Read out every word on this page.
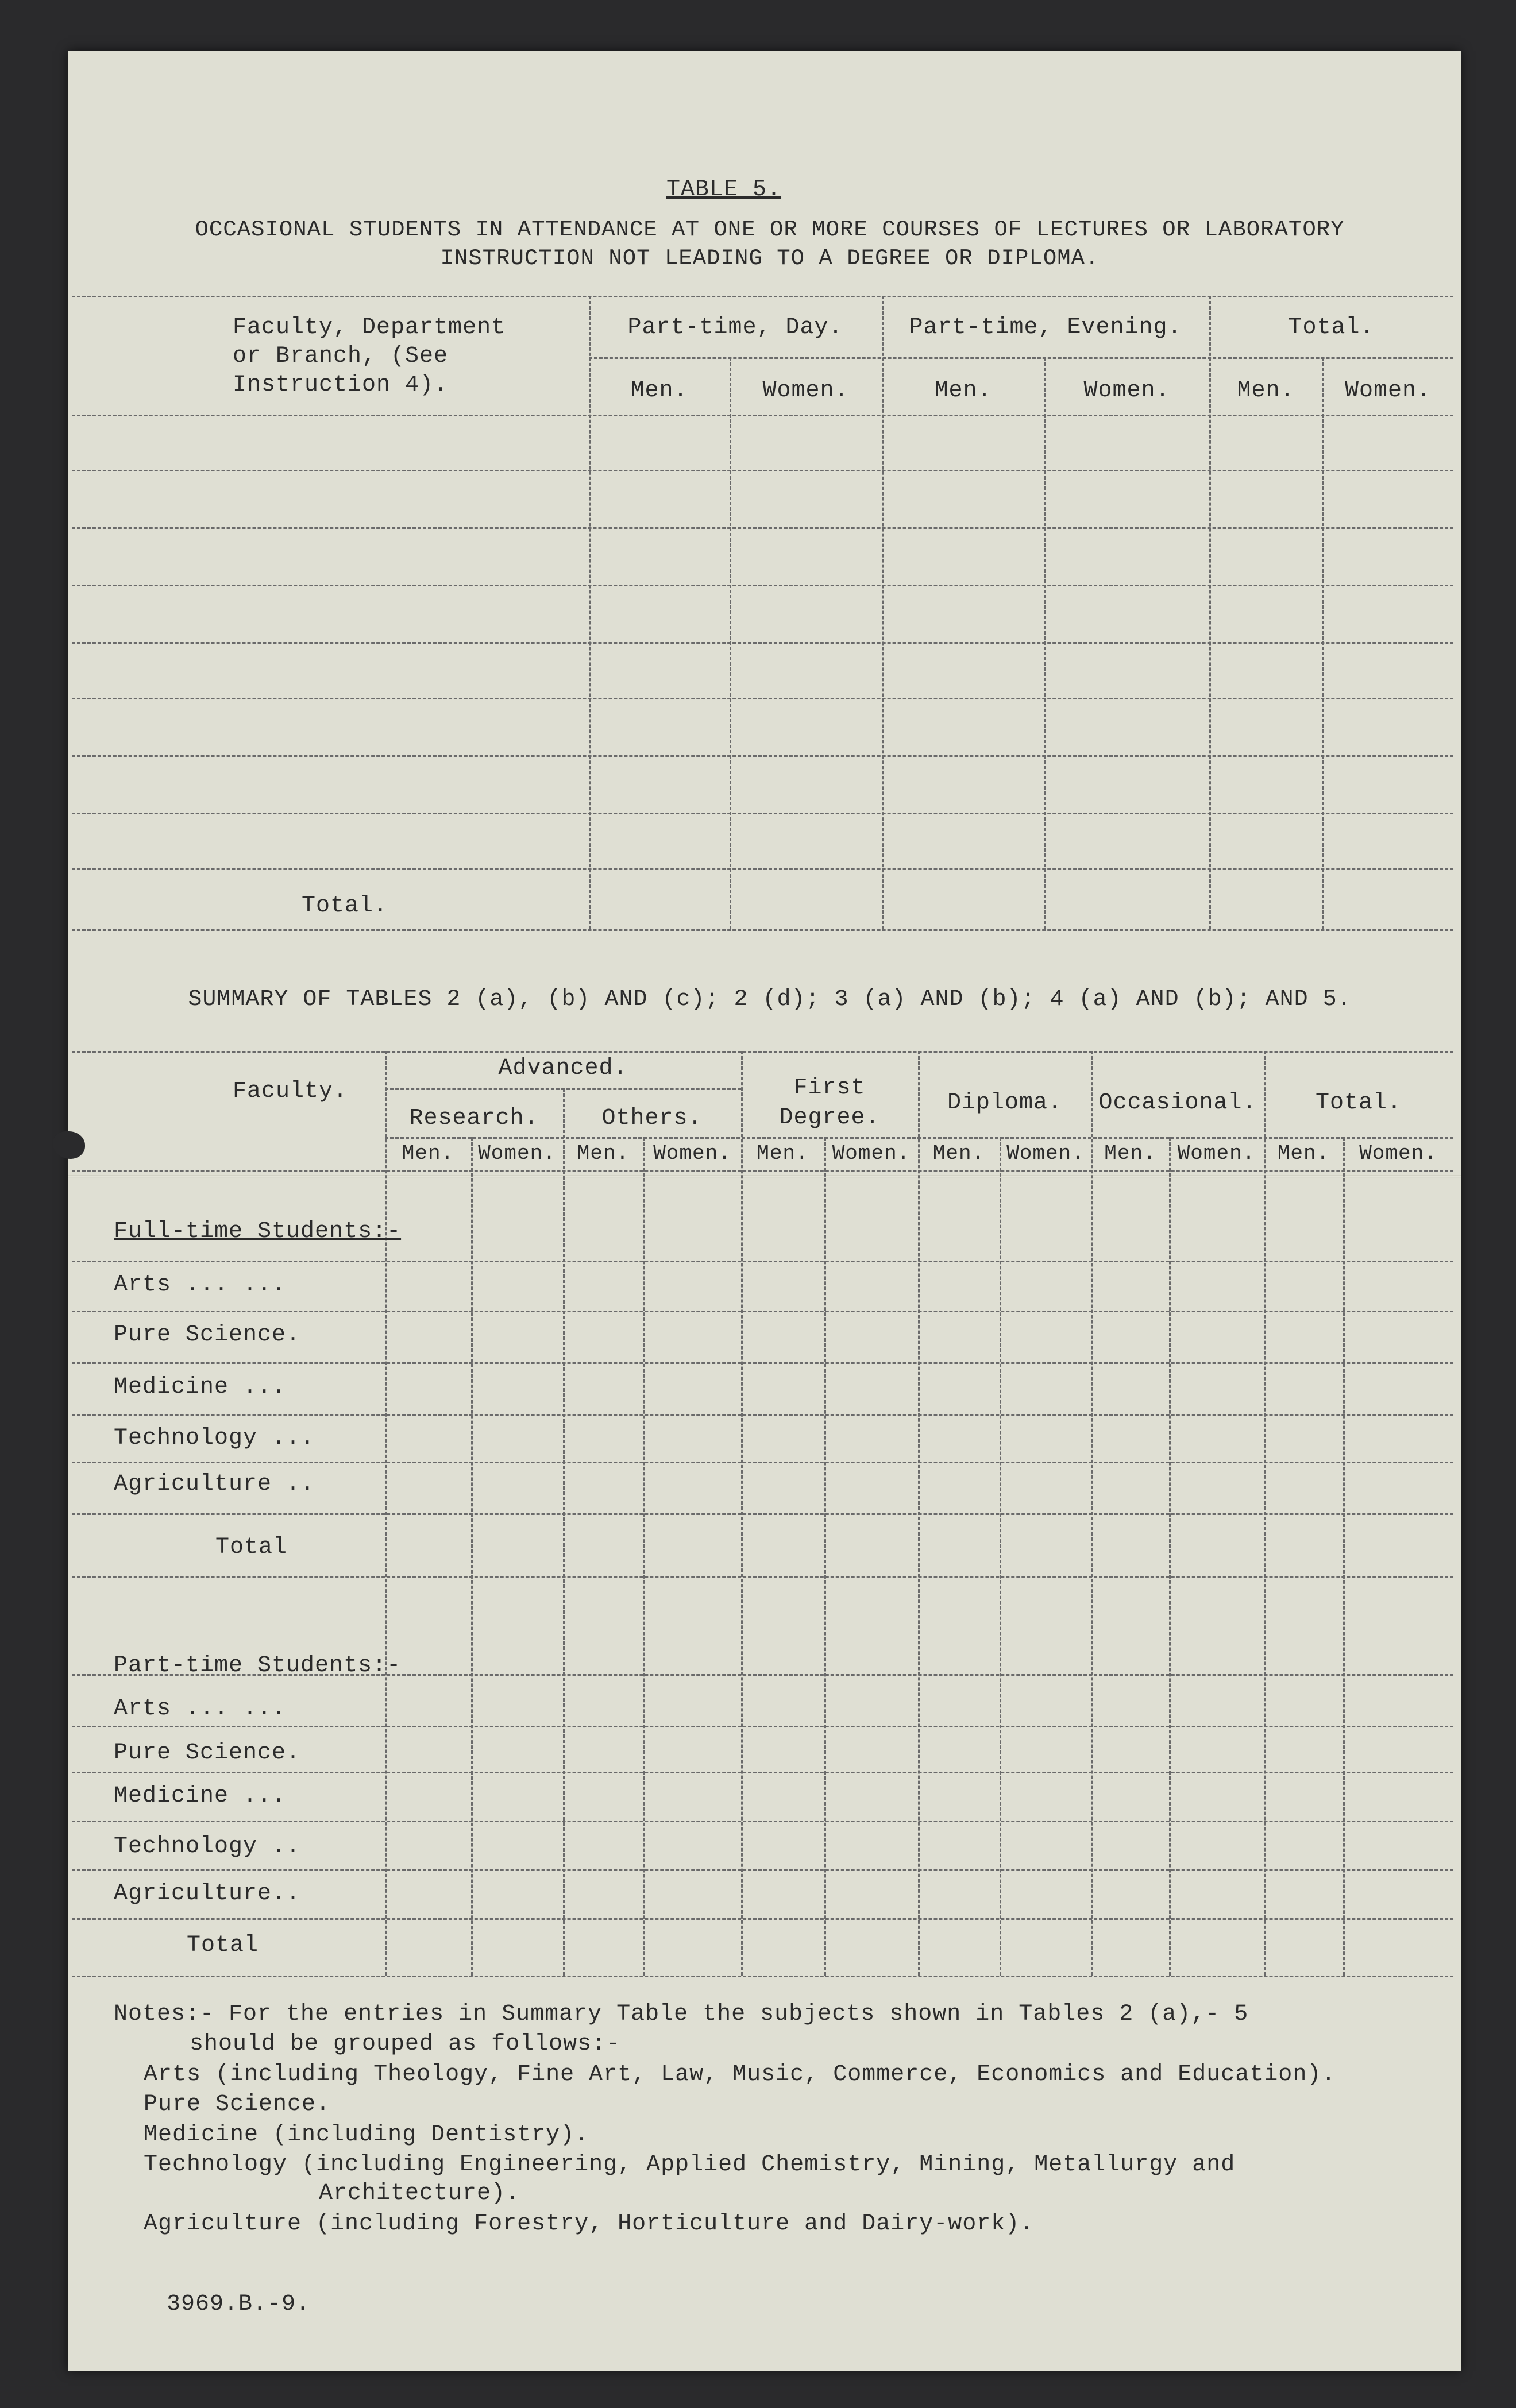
TABLE 5.
OCCASIONAL STUDENTS IN ATTENDANCE AT ONE OR MORE COURSES OF LECTURES OR LABORATORY
INSTRUCTION NOT LEADING TO A DEGREE OR DIPLOMA.
Faculty, Department
or Branch, (See
Instruction 4).
Part-time, Day.	Part-time, Evening.	Total.
Men.	Women.	Men.	Women.	Men.	Women.
Total.
SUMMARY OF TABLES 2 (a), (b) AND (c); 2 (d); 3 (a) AND (b); 4 (a) AND (b); AND 5.
Faculty.
Advanced.
Research.	Others.
First
Degree.
Diploma.	Occasional.	Total.
Men.	Women.	Men.	Women.	Men.	Women.	Men.	Women. Men.	Women.	Men.	Women.
Full-time Students:-
Arts ... ...
Pure Science.
Medicine ...
Technology ...
Agriculture ..
Total
Part-time Students:-
Arts ... ...
Pure Science.
Medicine ...
Technology ..
Agriculture..
Total
Notes:- For the entries in Summary Table the subjects shown in Tables 2 (a),- 5
should be grouped as follows:-
Arts (including Theology, Fine Art, Law, Music, Commerce, Economics and Education).
Pure Science.
Medicine (including Dentistry).
Technology (including Engineering, Applied Chemistry, Mining, Metallurgy and
Architecture).
Agriculture (including Forestry, Horticulture and Dairy-work).
3969.B.-9.
